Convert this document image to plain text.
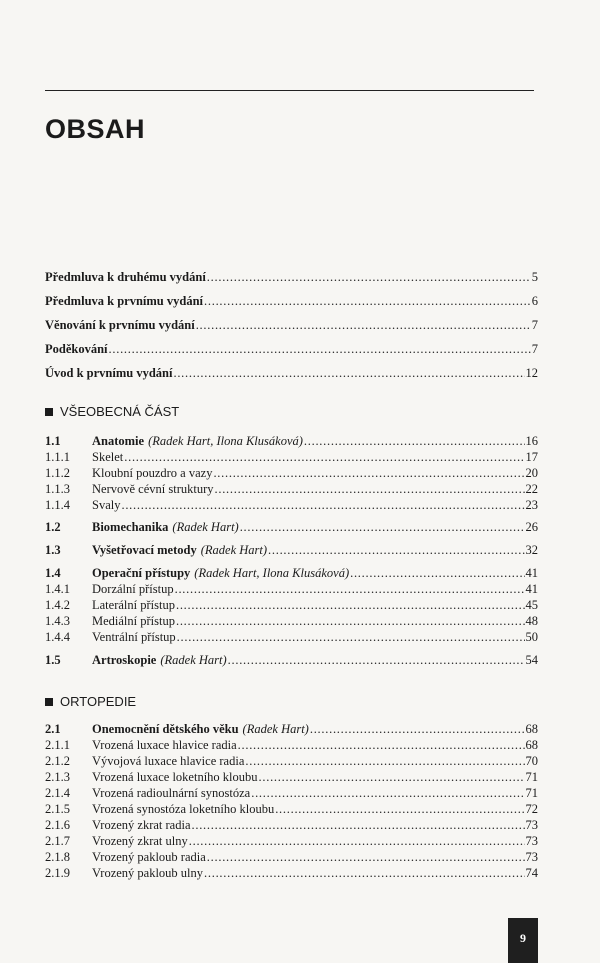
OBSAH
Předmluva k druhému vydání . . .	5
Předmluva k prvnímu vydání . . .	6
Věnování k prvnímu vydání . . .	7
Poděkování . . .	7
Úvod k prvnímu vydání . . .	12
VŠEOBECNÁ ČÁST
1.1	Anatomie (Radek Hart, Ilona Klusáková) . . .	16
1.1.1	Skelet . . .	17
1.1.2	Kloubní pouzdro a vazy . . .	20
1.1.3	Nervově cévní struktury . . .	22
1.1.4	Svaly . . .	23
1.2	Biomechanika (Radek Hart) . . .	26
1.3	Vyšetřovací metody (Radek Hart) . . .	32
1.4	Operační přístupy (Radek Hart, Ilona Klusáková) . . .	41
1.4.1	Dorzální přístup . . .	41
1.4.2	Laterální přístup . . .	45
1.4.3	Mediální přístup . . .	48
1.4.4	Ventrální přístup . . .	50
1.5	Artroskopie (Radek Hart) . . .	54
ORTOPEDIE
2.1	Onemocnění dětského věku (Radek Hart) . . .	68
2.1.1	Vrozená luxace hlavice radia . . .	68
2.1.2	Vývojová luxace hlavice radia . . .	70
2.1.3	Vrozená luxace loketního kloubu . . .	71
2.1.4	Vrozená radioulnární synostóza . . .	71
2.1.5	Vrozená synostóza loketního kloubu . . .	72
2.1.6	Vrozený zkrat radia . . .	73
2.1.7	Vrozený zkrat ulny . . .	73
2.1.8	Vrozený pakloub radia . . .	73
2.1.9	Vrozený pakloub ulny . . .	74
9
